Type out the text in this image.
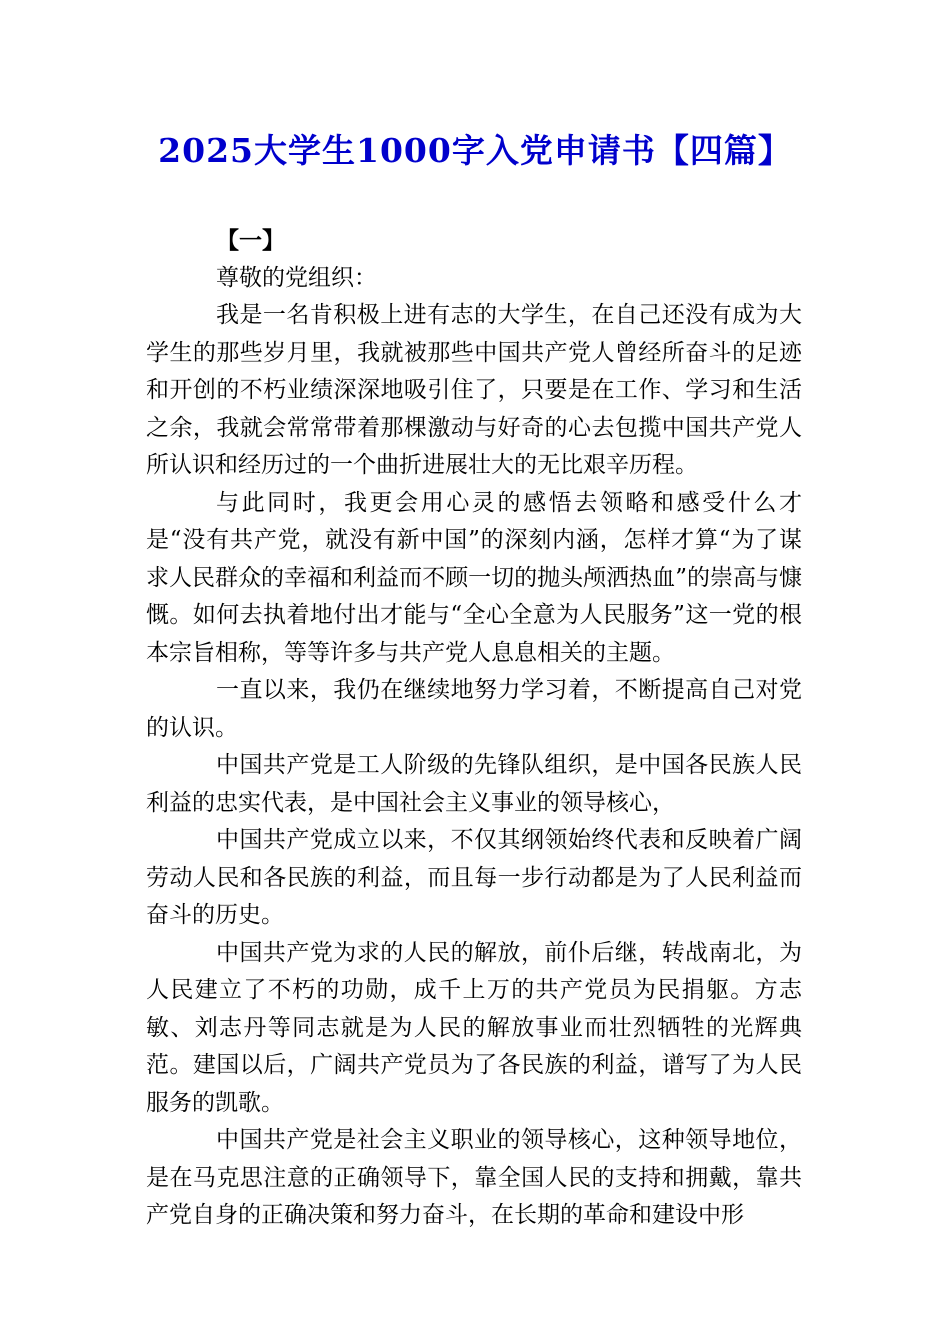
2025大学生1000字入党申请书【四篇】

【一】

尊敬的党组织：

我是一名肯积极上进有志的大学生，在自己还没有成为大学生的那些岁月里，我就被那些中国共产党人曾经所奋斗的足迹和开创的不朽业绩深深地吸引住了，只要是在工作、学习和生活之余，我就会常常带着那棵激动与好奇的心去包揽中国共产党人所认识和经历过的一个曲折进展壮大的无比艰辛历程。

与此同时，我更会用心灵的感悟去领略和感受什么才是“没有共产党，就没有新中国”的深刻内涵，怎样才算“为了谋求人民群众的幸福和利益而不顾一切的抛头颅洒热血”的崇高与慷慨。如何去执着地付出才能与“全心全意为人民服务”这一党的根本宗旨相称，等等许多与共产党人息息相关的主题。

一直以来，我仍在继续地努力学习着，不断提高自己对党的认识。

中国共产党是工人阶级的先锋队组织，是中国各民族人民利益的忠实代表，是中国社会主义事业的领导核心，

中国共产党成立以来，不仅其纲领始终代表和反映着广阔劳动人民和各民族的利益，而且每一步行动都是为了人民利益而奋斗的历史。

中国共产党为求的人民的解放，前仆后继，转战南北，为人民建立了不朽的功勋，成千上万的共产党员为民捐躯。方志敏、刘志丹等同志就是为人民的解放事业而壮烈牺牲的光辉典范。建国以后，广阔共产党员为了各民族的利益，谱写了为人民服务的凯歌。

中国共产党是社会主义职业的领导核心，这种领导地位，是在马克思注意的正确领导下，靠全国人民的支持和拥戴，靠共产党自身的正确决策和努力奋斗，在长期的革命和建设中形
